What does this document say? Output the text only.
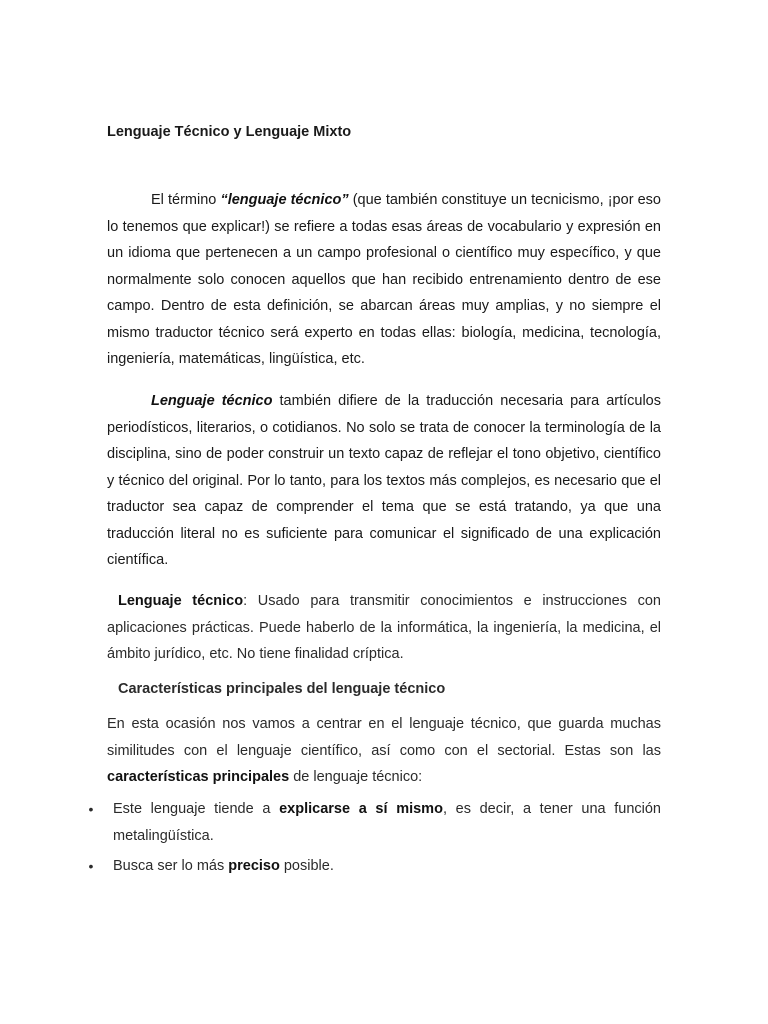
Lenguaje Técnico y Lenguaje Mixto

El término “lenguaje técnico” (que también constituye un tecnicismo, ¡por eso lo tenemos que explicar!) se refiere a todas esas áreas de vocabulario y expresión en un idioma que pertenecen a un campo profesional o científico muy específico, y que normalmente solo conocen aquellos que han recibido entrenamiento dentro de ese campo. Dentro de esta definición, se abarcan áreas muy amplias, y no siempre el mismo traductor técnico será experto en todas ellas: biología, medicina, tecnología, ingeniería, matemáticas, lingüística, etc.

Lenguaje técnico también difiere de la traducción necesaria para artículos periodísticos, literarios, o cotidianos. No solo se trata de conocer la terminología de la disciplina, sino de poder construir un texto capaz de reflejar el tono objetivo, científico y técnico del original. Por lo tanto, para los textos más complejos, es necesario que el traductor sea capaz de comprender el tema que se está tratando, ya que una traducción literal no es suficiente para comunicar el significado de una explicación científica.

Lenguaje técnico: Usado para transmitir conocimientos e instrucciones con aplicaciones prácticas. Puede haberlo de la informática, la ingeniería, la medicina, el ámbito jurídico, etc. No tiene finalidad críptica.

Características principales del lenguaje técnico

En esta ocasión nos vamos a centrar en el lenguaje técnico, que guarda muchas similitudes con el lenguaje científico, así como con el sectorial. Estas son las características principales de lenguaje técnico:

• Este lenguaje tiende a explicarse a sí mismo, es decir, a tener una función metalingüística.
• Busca ser lo más preciso posible.
